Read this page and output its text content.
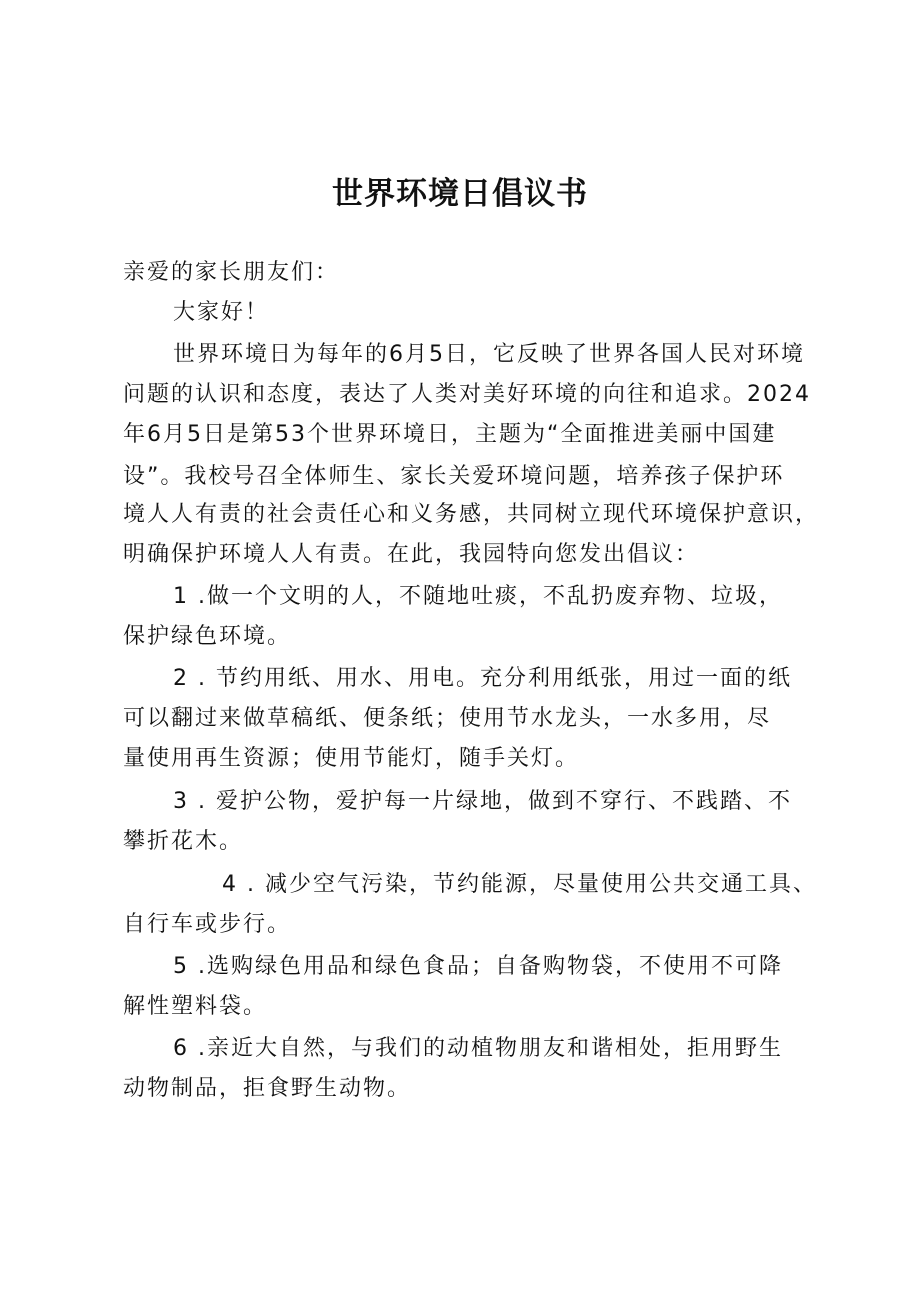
世界环境日倡议书
亲爱的家长朋友们：
大家好！
世界环境日为每年的6月5日，它反映了世界各国人民对环境
问题的认识和态度，表达了人类对美好环境的向往和追求。2024
年6月5日是第53个世界环境日，主题为“全面推进美丽中国建
设”。我校号召全体师生、家长关爱环境问题，培养孩子保护环
境人人有责的社会责任心和义务感，共同树立现代环境保护意识，
明确保护环境人人有责。在此，我园特向您发出倡议：
1 .做一个文明的人，不随地吐痰，不乱扔废弃物、垃圾，
保护绿色环境。
2 . 节约用纸、用水、用电。充分利用纸张，用过一面的纸
可以翻过来做草稿纸、便条纸；使用节水龙头，一水多用，尽
量使用再生资源；使用节能灯，随手关灯。
3 . 爱护公物，爱护每一片绿地，做到不穿行、不践踏、不
攀折花木。
4 . 减少空气污染，节约能源，尽量使用公共交通工具、
自行车或步行。
5 .选购绿色用品和绿色食品；自备购物袋，不使用不可降
解性塑料袋。
6 .亲近大自然，与我们的动植物朋友和谐相处，拒用野生
动物制品，拒食野生动物。
